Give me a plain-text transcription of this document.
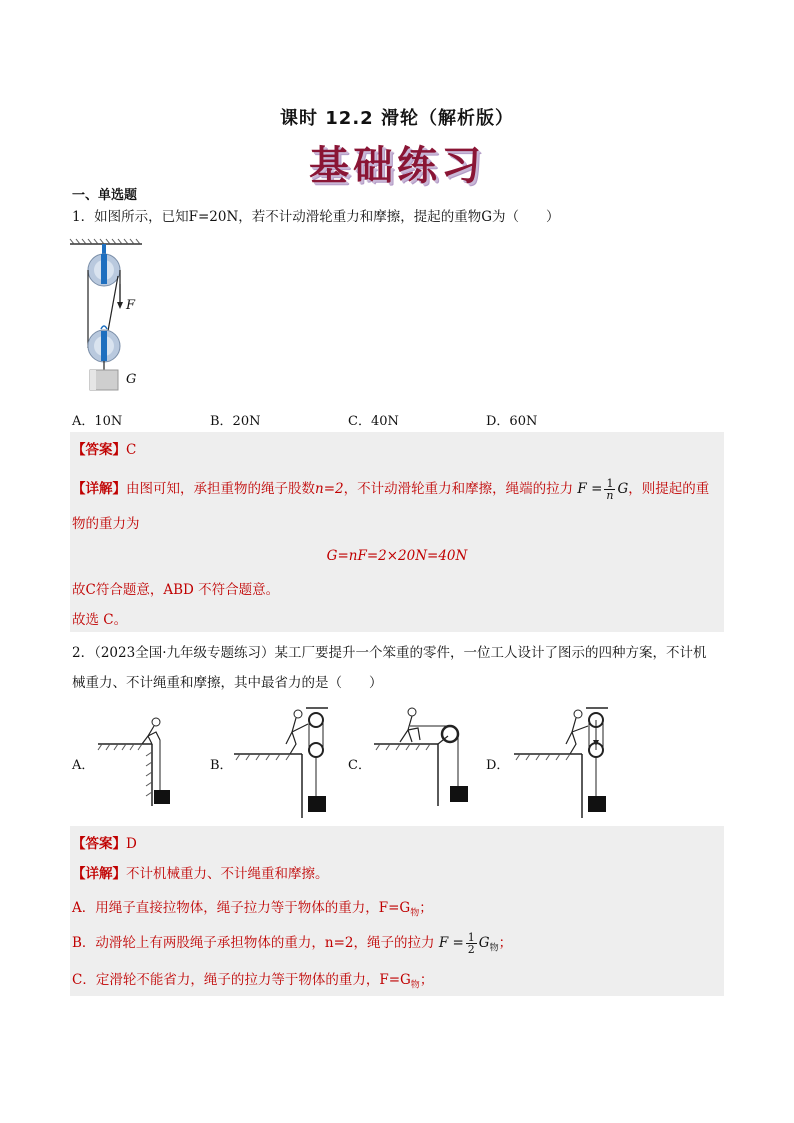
课时 12.2 滑轮（解析版）
基础练习
一、单选题
1．如图所示，已知F=20N，若不计动滑轮重力和摩擦，提起的重物G为（　　）
F
G
A．10N	B．20N	C．40N	D．60N
【答案】C
【详解】由图可知，承担重物的绳子股数n=2，不计动滑轮重力和摩擦，绳端的拉力 $F = \frac{1}{n}$ G，则提起的重
物的重力为
G=nF=2×20N=40N
故C符合题意，ABD 不符合题意。
故选 C。
2．（2023全国·九年级专题练习）某工厂要提升一个笨重的零件，一位工人设计了图示的四种方案，不计机
械重力、不计绳重和摩擦，其中最省力的是（　　）
A．	B．	C．	D．
【答案】D
【详解】不计机械重力、不计绳重和摩擦。
A．用绳子直接拉物体，绳子拉力等于物体的重力，$F=G_物$；
B．动滑轮上有两股绳子承担物体的重力，n=2，绳子的拉力 $F = \frac{1}{2} G_物$；
C．定滑轮不能省力，绳子的拉力等于物体的重力，$F=G_物$；
